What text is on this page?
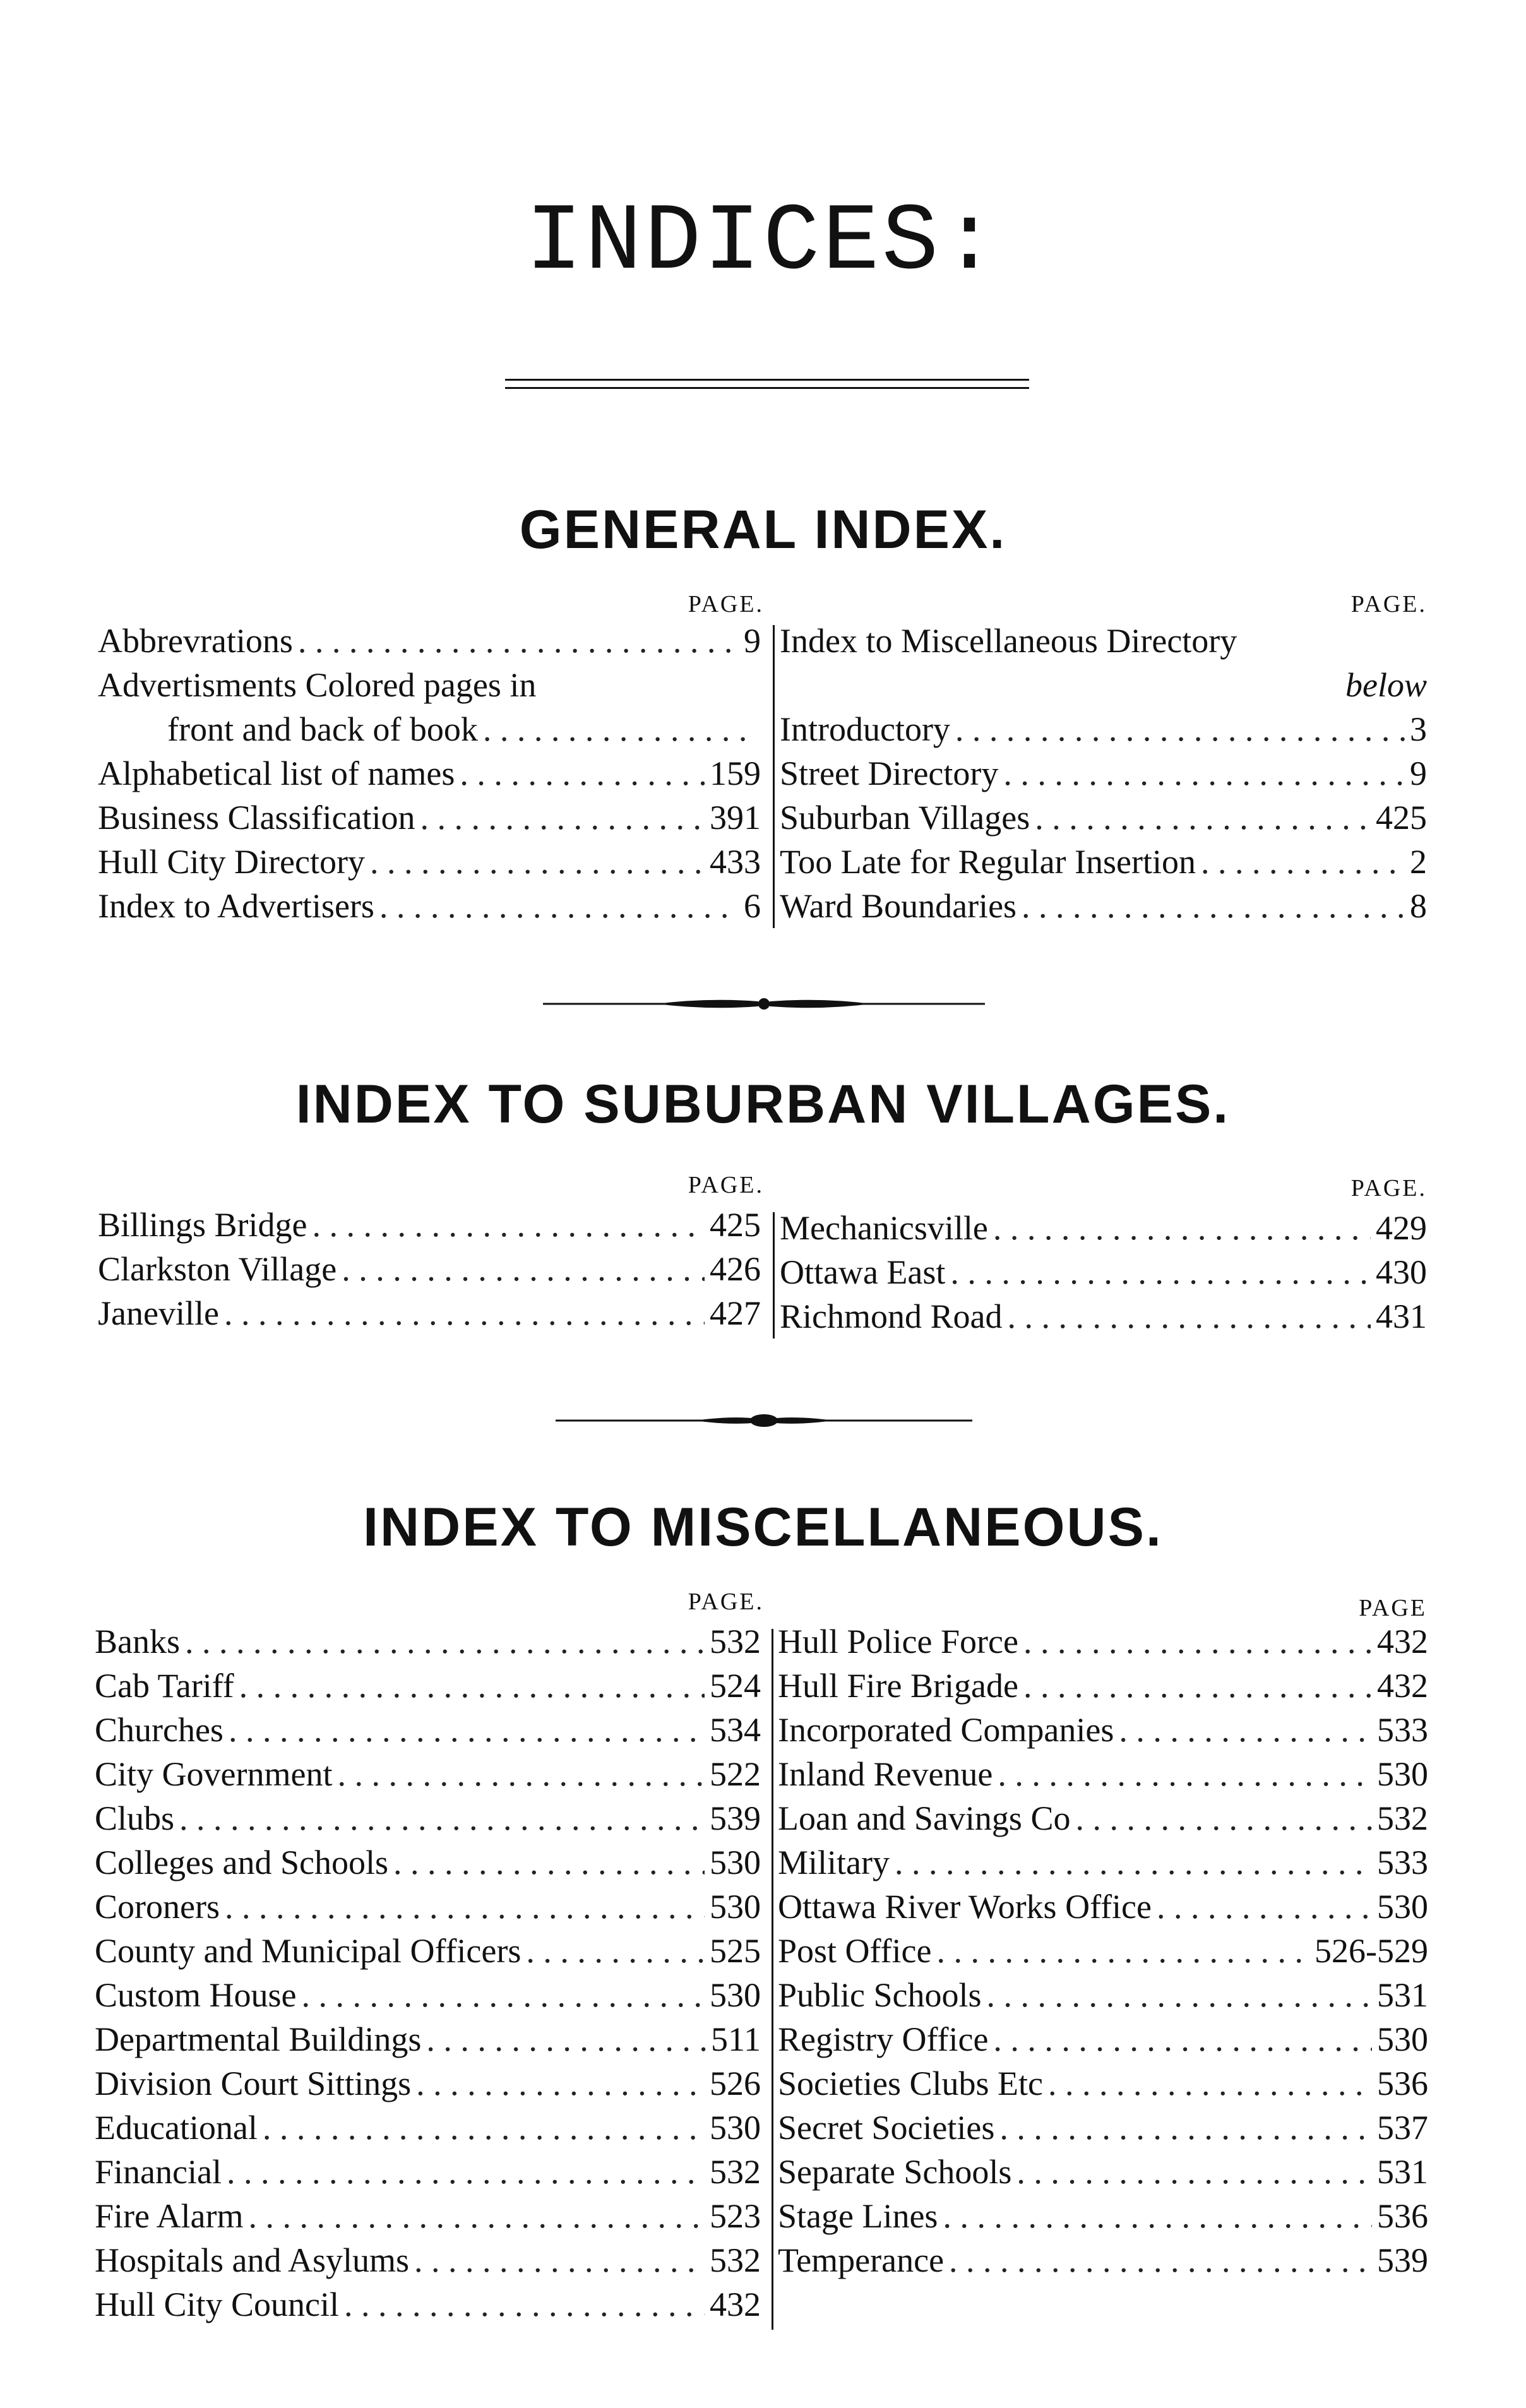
INDICES:
GENERAL INDEX.
PAGE.	PAGE.
Abbrevrations . . .	9
Advertisments Colored pages in
front and back of book
. . .
Alphabetical list of names . . .	159
Business Classification . . .	391
Hull City Directory . . .	433
Index to Advertisers . . .	6
Index to Miscellaneous Directory
below
Introductory . . .	3
Street Directory . . .	9
Suburban Villages . . .	425
Too Late for Regular Insertion . . .	2
Ward Boundaries . . .	8
INDEX TO SUBURBAN VILLAGES.
PAGE.	PAGE.
Billings Bridge . . .	425
Clarkston Village . . .	426
Janeville . . .	427
Mechanicsville . . .	429
Ottawa East . . .	430
Richmond Road . . .	431
INDEX TO MISCELLANEOUS.
PAGE.	PAGE
Banks . . .	532
Cab Tariff . . .	524
Churches . . .	534
City Government . . .	522
Clubs . . .	539
Colleges and Schools . . .	530
Coroners . . .	530
County and Municipal Officers . . .	525
Custom House . . .	530
Departmental Buildings . . .	511
Division Court Sittings . . .	526
Educational . . .	530
Financial . . .	532
Fire Alarm . . .	523
Hospitals and Asylums . . .	532
Hull City Council . . .	432
Hull Police Force . . .	432
Hull Fire Brigade . . .	432
Incorporated Companies . . .	533
Inland Revenue . . .	530
Loan and Savings Co . . .	532
Military . . .	533
Ottawa River Works Office . . .	530
Post Office . . .	526-529
Public Schools . . .	531
Registry Office . . .	530
Societies Clubs Etc . . .	536
Secret Societies . . .	537
Separate Schools . . .	531
Stage Lines . . .	536
Temperance . . .	539
